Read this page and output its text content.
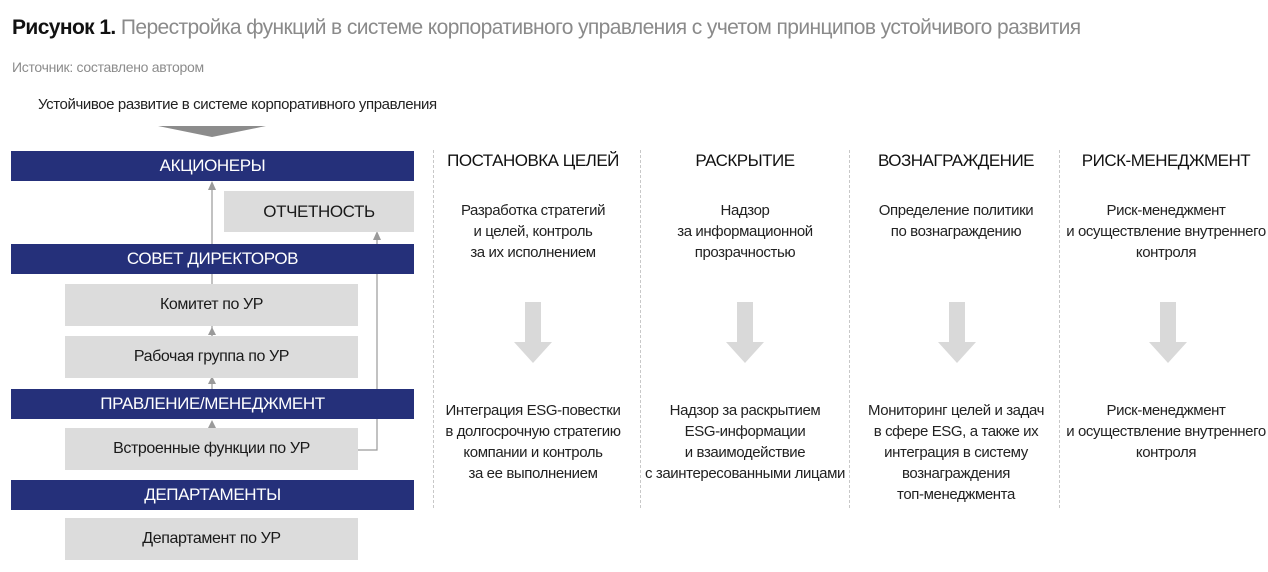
Рисунок 1. Перестройка функций в системе корпоративного управления с учетом принципов устойчивого развития
Источник: составлено автором
Устойчивое развитие в системе корпоративного управления
АКЦИОНЕРЫ
ОТЧЕТНОСТЬ
СОВЕТ ДИРЕКТОРОВ
Комитет по УР
Рабочая группа по УР
ПРАВЛЕНИЕ/МЕНЕДЖМЕНТ
Встроенные функции по УР
ДЕПАРТАМЕНТЫ
Департамент по УР
ПОСТАНОВКА ЦЕЛЕЙ
Разработка стратегий
и целей, контроль
за их исполнением
Интеграция ESG-повестки
в долгосрочную стратегию
компании и контроль
за ее выполнением
РАСКРЫТИЕ
Надзор
за информационной
прозрачностью
Надзор за раскрытием
ESG-информации
и взаимодействие
с заинтересованными лицами
ВОЗНАГРАЖДЕНИЕ
Определение политики
по вознаграждению
Мониторинг целей и задач
в сфере ESG, а также их
интеграция в систему
вознаграждения
топ-менеджмента
РИСК-МЕНЕДЖМЕНТ
Риск-менеджмент
и осуществление внутреннего
контроля
Риск-менеджмент
и осуществление внутреннего
контроля
